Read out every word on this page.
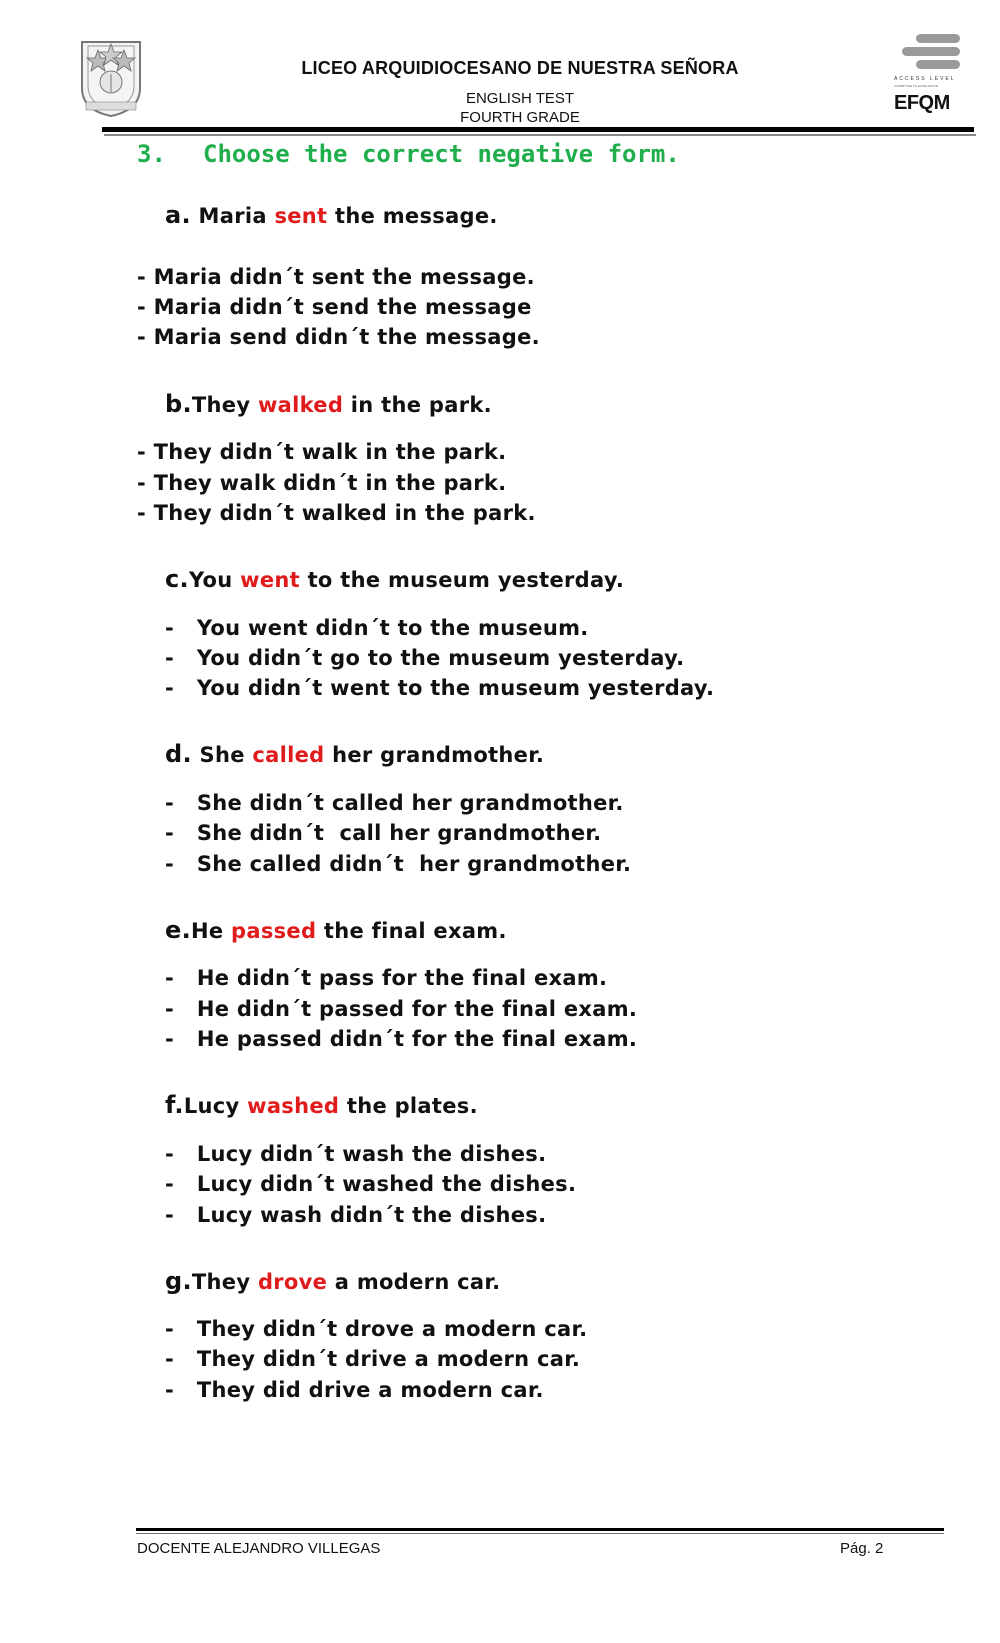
LICEO ARQUIDIOCESANO DE NUESTRA SEÑORA
ENGLISH TEST
FOURTH GRADE
ACCESS LEVEL
COMMITTED TO EXCELLENCE
EFQM
3. Choose the correct negative form.
a. Maria sent the message.
- Maria didn´t sent the message.
- Maria didn´t send the message
- Maria send didn´t the message.
b.They walked in the park.
- They didn´t walk in the park.
- They walk didn´t in the park.
- They didn´t walked in the park.
c.You went to the museum yesterday.
-   You went didn´t to the museum.
-   You didn´t go to the museum yesterday.
-   You didn´t went to the museum yesterday.
d. She called her grandmother.
-   She didn´t called her grandmother.
-   She didn´t  call her grandmother.
-   She called didn´t  her grandmother.
e.He passed the final exam.
-   He didn´t pass for the final exam.
-   He didn´t passed for the final exam.
-   He passed didn´t for the final exam.
f.Lucy washed the plates.
-   Lucy didn´t wash the dishes.
-   Lucy didn´t washed the dishes.
-   Lucy wash didn´t the dishes.
g.They drove a modern car.
-   They didn´t drove a modern car.
-   They didn´t drive a modern car.
-   They did drive a modern car.
DOCENTE ALEJANDRO VILLEGAS	Pág. 2
